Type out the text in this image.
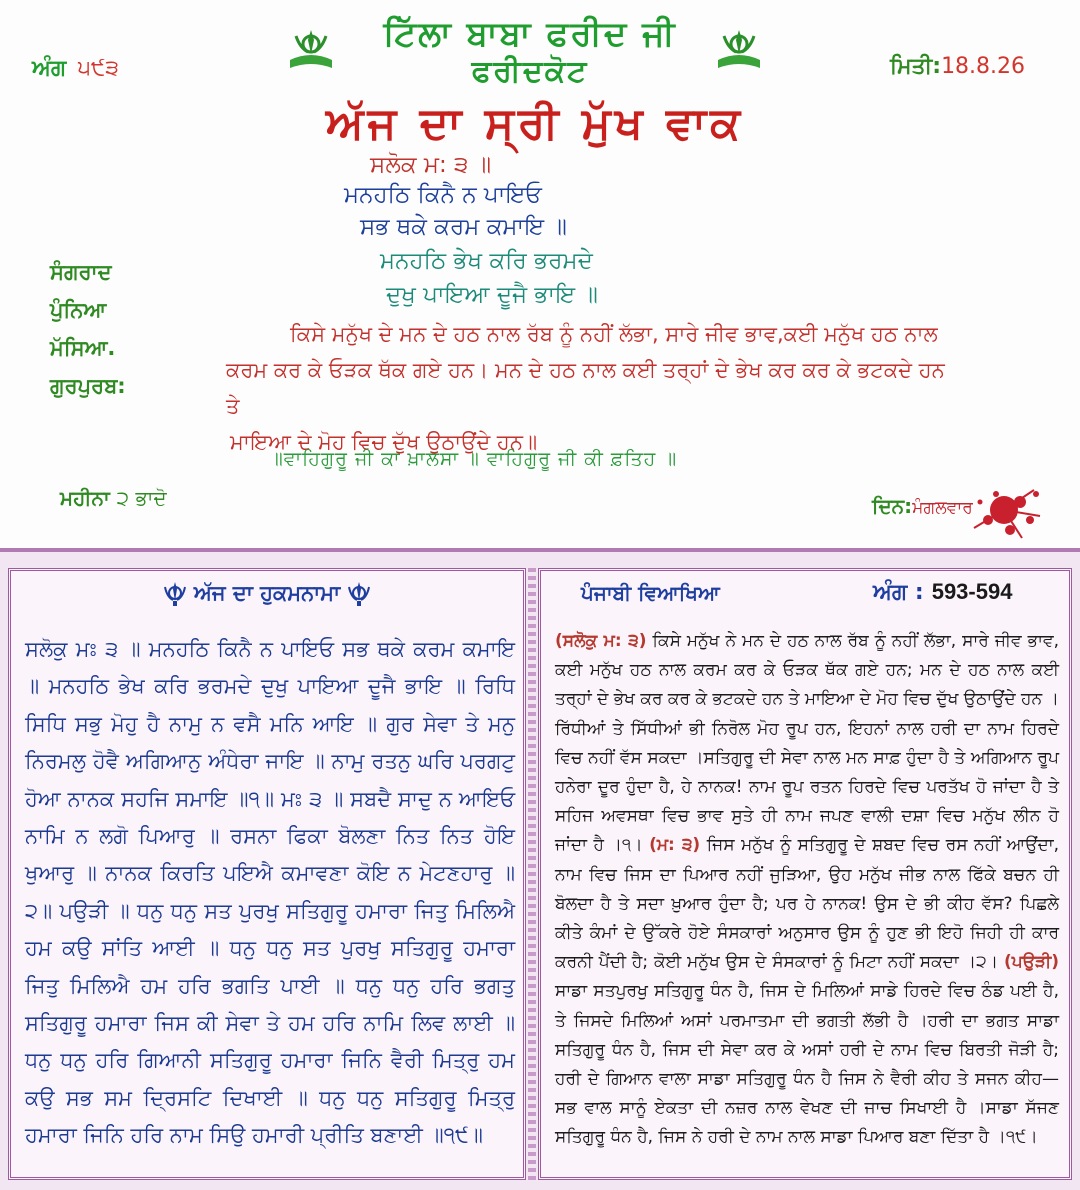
ਟਿੱਲਾ ਬਾਬਾ ਫਰੀਦ ਜੀ
ਫਰੀਦਕੋਟ
ਅੰਗ ੫੯੩	ਮਿਤੀ:18.8.26
ਅੱਜ ਦਾ ਸ੍ਰੀ ਮੁੱਖ ਵਾਕ
ਸਲੋਕ ਮ: ੩ ॥
ਮਨਹਠਿ ਕਿਨੈ ਨ ਪਾਇਓ
ਸਭ ਥਕੇ ਕਰਮ ਕਮਾਇ ॥
ਮਨਹਠਿ ਭੇਖ ਕਰਿ ਭਰਮਦੇ
ਦੁਖੁ ਪਾਇਆ ਦੂਜੈ ਭਾਇ ॥
ਸੰਗਰਾਦ
ਪੁੰਨਿਆ
ਮੱਸਿਆ.
ਗੁਰਪੁਰਬ:
ਕਿਸੇ ਮਨੁੱਖ ਦੇ ਮਨ ਦੇ ਹਠ ਨਾਲ ਰੱਬ ਨੂੰ ਨਹੀਂ ਲੱਭਾ, ਸਾਰੇ ਜੀਵ ਭਾਵ,ਕਈ ਮਨੁੱਖ ਹਠ ਨਾਲ
ਕਰਮ ਕਰ ਕੇ ਓੜਕ ਥੱਕ ਗਏ ਹਨ। ਮਨ ਦੇ ਹਠ ਨਾਲ ਕਈ ਤਰ੍ਹਾਂ ਦੇ ਭੇਖ ਕਰ ਕਰ ਕੇ ਭਟਕਦੇ ਹਨ ਤੇ
ਮਾਇਆ ਦੇ ਮੋਹ ਵਿਚ ਦੁੱਖ ਉਠਾਉਂਦੇ ਹਨ॥
॥ਵਾਹਿਗੁਰੂ ਜੀ ਕਾ ਖ਼ਾਲਸਾ ॥ ਵਾਹਿਗੁਰੂ ਜੀ ਕੀ ਫ਼ਤਿਹ ॥
ਮਹੀਨਾ ੨ ਭਾਦੋ	ਦਿਨ:ਮੰਗਲਵਾਰ
ਅੱਜ ਦਾ ਹੁਕਮਨਾਮਾ
ਸਲੋਕੁ ਮਃ ੩ ॥ ਮਨਹਠਿ ਕਿਨੈ ਨ ਪਾਇਓ ਸਭ ਥਕੇ ਕਰਮ ਕਮਾਇ ॥ ਮਨਹਠਿ ਭੇਖ ਕਰਿ ਭਰਮਦੇ ਦੁਖੁ ਪਾਇਆ ਦੂਜੈ ਭਾਇ ॥ ਰਿਧਿ ਸਿਧਿ ਸਭੁ ਮੋਹੁ ਹੈ ਨਾਮੁ ਨ ਵਸੈ ਮਨਿ ਆਇ ॥ ਗੁਰ ਸੇਵਾ ਤੇ ਮਨੁ ਨਿਰਮਲੁ ਹੋਵੈ ਅਗਿਆਨੁ ਅੰਧੇਰਾ ਜਾਇ ॥ ਨਾਮੁ ਰਤਨੁ ਘਰਿ ਪਰਗਟੁ ਹੋਆ ਨਾਨਕ ਸਹਜਿ ਸਮਾਇ ॥੧॥ ਮਃ ੩ ॥ ਸਬਦੈ ਸਾਦੁ ਨ ਆਇਓ ਨਾਮਿ ਨ ਲਗੋ ਪਿਆਰੁ ॥ ਰਸਨਾ ਫਿਕਾ ਬੋਲਣਾ ਨਿਤ ਨਿਤ ਹੋਇ ਖੁਆਰੁ ॥ ਨਾਨਕ ਕਿਰਤਿ ਪਇਐ ਕਮਾਵਣਾ ਕੋਇ ਨ ਮੇਟਣਹਾਰੁ ॥੨॥ ਪਉੜੀ ॥ ਧਨੁ ਧਨੁ ਸਤ ਪੁਰਖੁ ਸਤਿਗੁਰੂ ਹਮਾਰਾ ਜਿਤੁ ਮਿਲਿਐ ਹਮ ਕਉ ਸਾਂਤਿ ਆਈ ॥ ਧਨੁ ਧਨੁ ਸਤ ਪੁਰਖੁ ਸਤਿਗੁਰੂ ਹਮਾਰਾ ਜਿਤੁ ਮਿਲਿਐ ਹਮ ਹਰਿ ਭਗਤਿ ਪਾਈ ॥ ਧਨੁ ਧਨੁ ਹਰਿ ਭਗਤੁ ਸਤਿਗੁਰੂ ਹਮਾਰਾ ਜਿਸ ਕੀ ਸੇਵਾ ਤੇ ਹਮ ਹਰਿ ਨਾਮਿ ਲਿਵ ਲਾਈ ॥ ਧਨੁ ਧਨੁ ਹਰਿ ਗਿਆਨੀ ਸਤਿਗੁਰੂ ਹਮਾਰਾ ਜਿਨਿ ਵੈਰੀ ਮਿਤ੍ਰੁ ਹਮ ਕਉ ਸਭ ਸਮ ਦ੍ਰਿਸਟਿ ਦਿਖਾਈ ॥ ਧਨੁ ਧਨੁ ਸਤਿਗੁਰੂ ਮਿਤ੍ਰੁ ਹਮਾਰਾ ਜਿਨਿ ਹਰਿ ਨਾਮ ਸਿਉ ਹਮਾਰੀ ਪ੍ਰੀਤਿ ਬਣਾਈ ॥੧੯॥
ਪੰਜਾਬੀ ਵਿਆਖਿਆ	ਅੰਗ : 593-594
(ਸਲੋਕੁ ਮ: ੩) ਕਿਸੇ ਮਨੁੱਖ ਨੇ ਮਨ ਦੇ ਹਠ ਨਾਲ ਰੱਬ ਨੂੰ ਨਹੀਂ ਲੱਭਾ, ਸਾਰੇ ਜੀਵ ਭਾਵ, ਕਈ ਮਨੁੱਖ ਹਠ ਨਾਲ ਕਰਮ ਕਰ ਕੇ ਓੜਕ ਥੱਕ ਗਏ ਹਨ; ਮਨ ਦੇ ਹਠ ਨਾਲ ਕਈ ਤਰ੍ਹਾਂ ਦੇ ਭੇਖ ਕਰ ਕਰ ਕੇ ਭਟਕਦੇ ਹਨ ਤੇ ਮਾਇਆ ਦੇ ਮੋਹ ਵਿਚ ਦੁੱਖ ਉਠਾਉਂਦੇ ਹਨ ।ਰਿੱਧੀਆਂ ਤੇ ਸਿੱਧੀਆਂ ਭੀ ਨਿਰੋਲ ਮੋਹ ਰੂਪ ਹਨ, ਇਹਨਾਂ ਨਾਲ ਹਰੀ ਦਾ ਨਾਮ ਹਿਰਦੇ ਵਿਚ ਨਹੀਂ ਵੱਸ ਸਕਦਾ ।ਸਤਿਗੁਰੂ ਦੀ ਸੇਵਾ ਨਾਲ ਮਨ ਸਾਫ਼ ਹੁੰਦਾ ਹੈ ਤੇ ਅਗਿਆਨ ਰੂਪ ਹਨੇਰਾ ਦੂਰ ਹੁੰਦਾ ਹੈ, ਹੇ ਨਾਨਕ! ਨਾਮ ਰੂਪ ਰਤਨ ਹਿਰਦੇ ਵਿਚ ਪਰਤੱਖ ਹੋ ਜਾਂਦਾ ਹੈ ਤੇ ਸਹਿਜ ਅਵਸਥਾ ਵਿਚ ਭਾਵ ਸੁਤੇ ਹੀ ਨਾਮ ਜਪਣ ਵਾਲੀ ਦਸ਼ਾ ਵਿਚ ਮਨੁੱਖ ਲੀਨ ਹੋ ਜਾਂਦਾ ਹੈ ।੧। (ਮ: ੩) ਜਿਸ ਮਨੁੱਖ ਨੂੰ ਸਤਿਗੁਰੂ ਦੇ ਸ਼ਬਦ ਵਿਚ ਰਸ ਨਹੀਂ ਆਉਂਦਾ, ਨਾਮ ਵਿਚ ਜਿਸ ਦਾ ਪਿਆਰ ਨਹੀਂ ਜੁੜਿਆ, ਉਹ ਮਨੁੱਖ ਜੀਭ ਨਾਲ ਫਿੱਕੇ ਬਚਨ ਹੀ ਬੋਲਦਾ ਹੈ ਤੇ ਸਦਾ ਖ਼ੁਆਰ ਹੁੰਦਾ ਹੈ; ਪਰ ਹੇ ਨਾਨਕ! ਉਸ ਦੇ ਭੀ ਕੀਹ ਵੱਸ? ਪਿਛਲੇ ਕੀਤੇ ਕੰਮਾਂ ਦੇ ਉੱਕਰੇ ਹੋਏ ਸੰਸਕਾਰਾਂ ਅਨੁਸਾਰ ਉਸ ਨੂੰ ਹੁਣ ਭੀ ਇਹੋ ਜਿਹੀ ਹੀ ਕਾਰ ਕਰਨੀ ਪੈਂਦੀ ਹੈ; ਕੋਈ ਮਨੁੱਖ ਉਸ ਦੇ ਸੰਸਕਾਰਾਂ ਨੂੰ ਮਿਟਾ ਨਹੀਂ ਸਕਦਾ ।੨। (ਪਉੜੀ) ਸਾਡਾ ਸਤਪੁਰਖੁ ਸਤਿਗੁਰੂ ਧੰਨ ਹੈ, ਜਿਸ ਦੇ ਮਿਲਿਆਂ ਸਾਡੇ ਹਿਰਦੇ ਵਿਚ ਠੰਡ ਪਈ ਹੈ, ਤੇ ਜਿਸਦੇ ਮਿਲਿਆਂ ਅਸਾਂ ਪਰਮਾਤਮਾ ਦੀ ਭਗਤੀ ਲੱਭੀ ਹੈ ।ਹਰੀ ਦਾ ਭਗਤ ਸਾਡਾ ਸਤਿਗੁਰੂ ਧੰਨ ਹੈ, ਜਿਸ ਦੀ ਸੇਵਾ ਕਰ ਕੇ ਅਸਾਂ ਹਰੀ ਦੇ ਨਾਮ ਵਿਚ ਬਿਰਤੀ ਜੋੜੀ ਹੈ; ਹਰੀ ਦੇ ਗਿਆਨ ਵਾਲਾ ਸਾਡਾ ਸਤਿਗੁਰੂ ਧੰਨ ਹੈ ਜਿਸ ਨੇ ਵੈਰੀ ਕੀਹ ਤੇ ਸਜਨ ਕੀਹ—ਸਭ ਵਾਲ ਸਾਨੂੰ ਏਕਤਾ ਦੀ ਨਜ਼ਰ ਨਾਲ ਵੇਖਣ ਦੀ ਜਾਚ ਸਿਖਾਈ ਹੈ ।ਸਾਡਾ ਸੱਜਣ ਸਤਿਗੁਰੂ ਧੰਨ ਹੈ, ਜਿਸ ਨੇ ਹਰੀ ਦੇ ਨਾਮ ਨਾਲ ਸਾਡਾ ਪਿਆਰ ਬਣਾ ਦਿੱਤਾ ਹੈ ।੧੯।
